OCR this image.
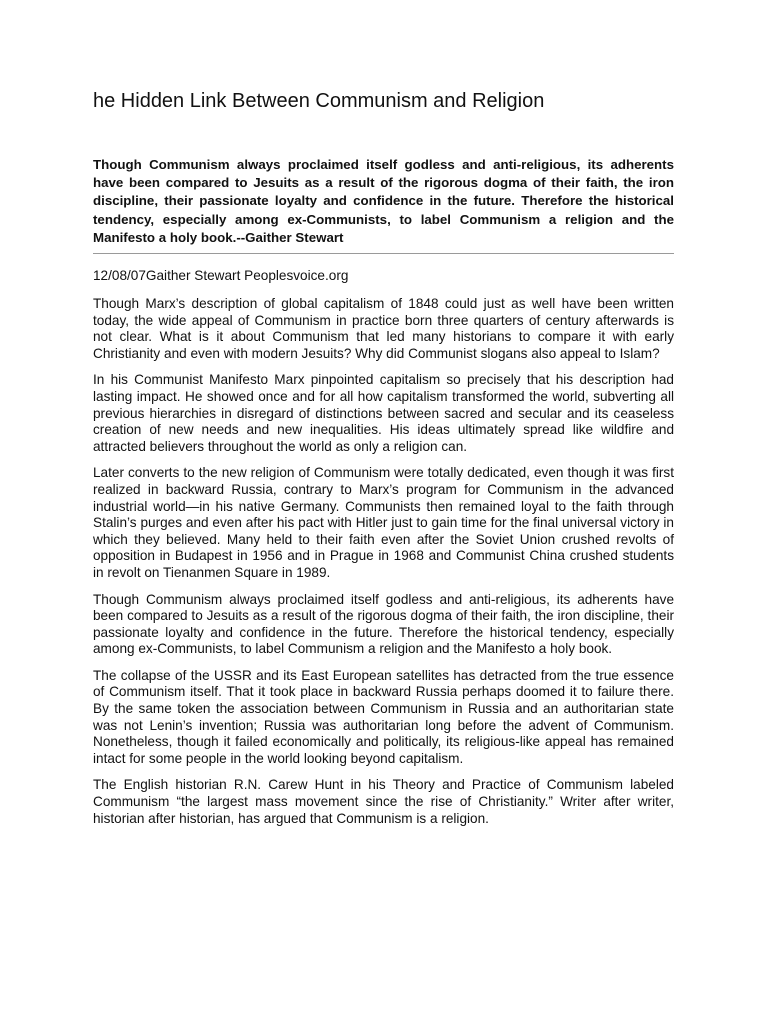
he Hidden Link Between Communism and Religion

Though Communism always proclaimed itself godless and anti-religious, its adherents have been compared to Jesuits as a result of the rigorous dogma of their faith, the iron discipline, their passionate loyalty and confidence in the future. Therefore the historical tendency, especially among ex-Communists, to label Communism a religion and the Manifesto a holy book.--Gaither Stewart

12/08/07Gaither Stewart Peoplesvoice.org

Though Marx’s description of global capitalism of 1848 could just as well have been written today, the wide appeal of Communism in practice born three quarters of century afterwards is not clear. What is it about Communism that led many historians to compare it with early Christianity and even with modern Jesuits? Why did Communist slogans also appeal to Islam?

In his Communist Manifesto Marx pinpointed capitalism so precisely that his description had lasting impact. He showed once and for all how capitalism transformed the world, subverting all previous hierarchies in disregard of distinctions between sacred and secular and its ceaseless creation of new needs and new inequalities. His ideas ultimately spread like wildfire and attracted believers throughout the world as only a religion can.

Later converts to the new religion of Communism were totally dedicated, even though it was first realized in backward Russia, contrary to Marx’s program for Communism in the advanced industrial world—in his native Germany. Communists then remained loyal to the faith through Stalin’s purges and even after his pact with Hitler just to gain time for the final universal victory in which they believed. Many held to their faith even after the Soviet Union crushed revolts of opposition in Budapest in 1956 and in Prague in 1968 and Communist China crushed students in revolt on Tienanmen Square in 1989.

Though Communism always proclaimed itself godless and anti-religious, its adherents have been compared to Jesuits as a result of the rigorous dogma of their faith, the iron discipline, their passionate loyalty and confidence in the future. Therefore the historical tendency, especially among ex-Communists, to label Communism a religion and the Manifesto a holy book.

The collapse of the USSR and its East European satellites has detracted from the true essence of Communism itself. That it took place in backward Russia perhaps doomed it to failure there. By the same token the association between Communism in Russia and an authoritarian state was not Lenin’s invention; Russia was authoritarian long before the advent of Communism. Nonetheless, though it failed economically and politically, its religious-like appeal has remained intact for some people in the world looking beyond capitalism.

The English historian R.N. Carew Hunt in his Theory and Practice of Communism labeled Communism “the largest mass movement since the rise of Christianity.” Writer after writer, historian after historian, has argued that Communism is a religion.
